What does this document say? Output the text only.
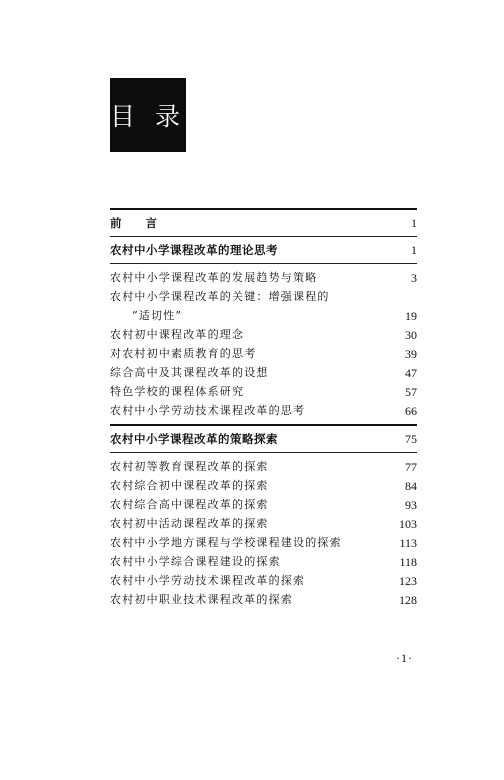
目 录
前 言	1
农村中小学课程改革的理论思考	1
农村中小学课程改革的发展趋势与策略	3
农村中小学课程改革的关键：增强课程的
“适切性”	19
农村初中课程改革的理念	30
对农村初中素质教育的思考	39
综合高中及其课程改革的设想	47
特色学校的课程体系研究	57
农村中小学劳动技术课程改革的思考	66
农村中小学课程改革的策略探索	75
农村初等教育课程改革的探索	77
农村综合初中课程改革的探索	84
农村综合高中课程改革的探索	93
农村初中活动课程改革的探索	103
农村中小学地方课程与学校课程建设的探索	113
农村中小学综合课程建设的探索	118
农村中小学劳动技术课程改革的探索	123
农村初中职业技术课程改革的探索	128
·1·
